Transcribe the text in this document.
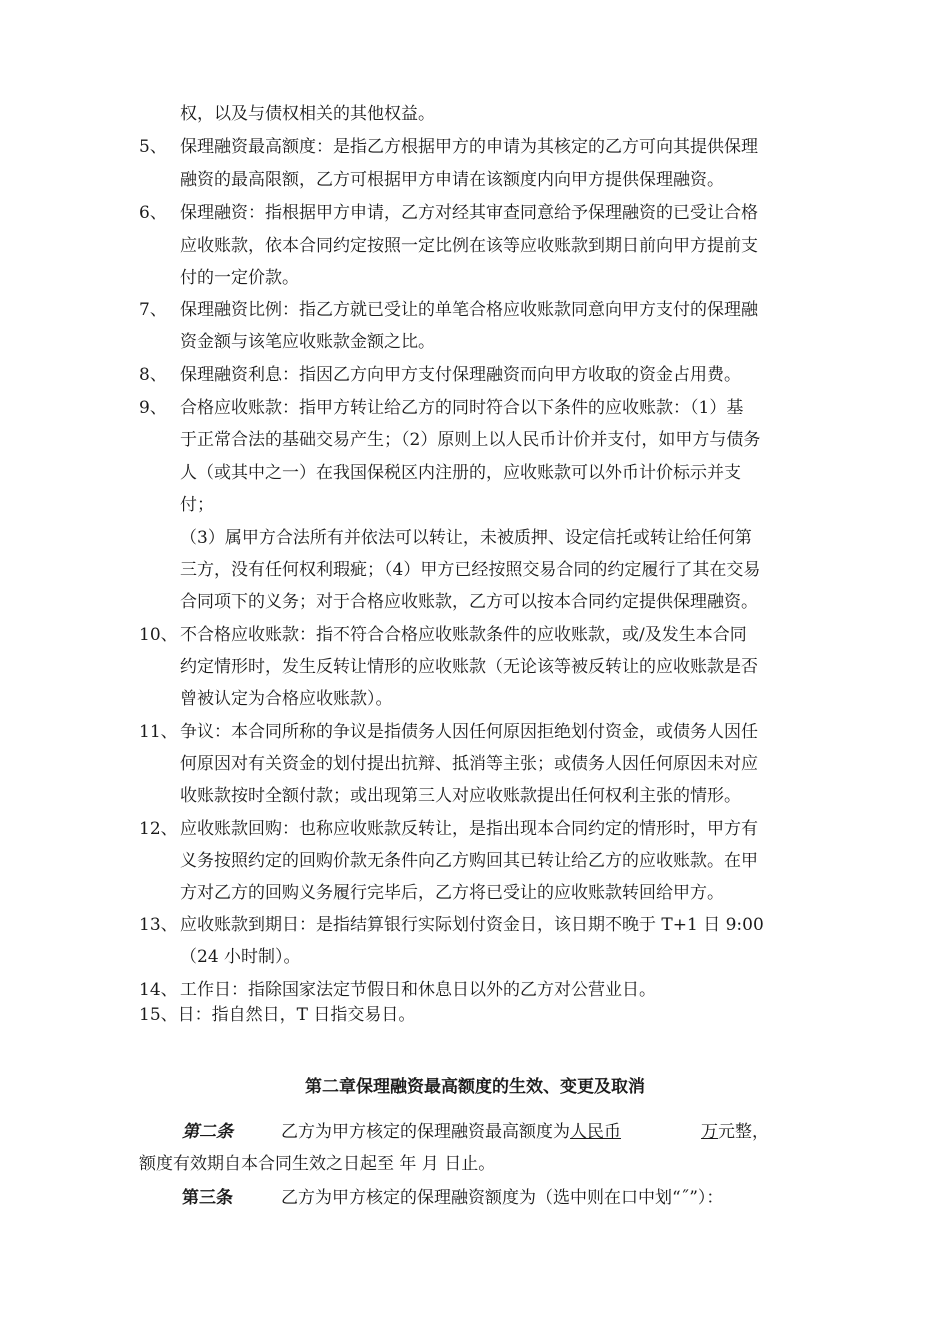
权，以及与债权相关的其他权益。
5、 保理融资最高额度：是指乙方根据甲方的申请为其核定的乙方可向其提供保理
融资的最高限额，乙方可根据甲方申请在该额度内向甲方提供保理融资。
6、 保理融资：指根据甲方申请，乙方对经其审查同意给予保理融资的已受让合格
应收账款，依本合同约定按照一定比例在该等应收账款到期日前向甲方提前支
付的一定价款。
7、 保理融资比例：指乙方就已受让的单笔合格应收账款同意向甲方支付的保理融
资金额与该笔应收账款金额之比。
8、 保理融资利息：指因乙方向甲方支付保理融资而向甲方收取的资金占用费。
9、 合格应收账款：指甲方转让给乙方的同时符合以下条件的应收账款：（1）基
于正常合法的基础交易产生；（2）原则上以人民币计价并支付，如甲方与债务
人（或其中之一）在我国保税区内注册的，应收账款可以外币计价标示并支
付；
（3）属甲方合法所有并依法可以转让，未被质押、设定信托或转让给任何第
三方，没有任何权利瑕疵；（4）甲方已经按照交易合同的约定履行了其在交易
合同项下的义务；对于合格应收账款，乙方可以按本合同约定提供保理融资。
10、 不合格应收账款：指不符合合格应收账款条件的应收账款，或/及发生本合同
约定情形时，发生反转让情形的应收账款（无论该等被反转让的应收账款是否
曾被认定为合格应收账款）。
11、 争议：本合同所称的争议是指债务人因任何原因拒绝划付资金，或债务人因任
何原因对有关资金的划付提出抗辩、抵消等主张；或债务人因任何原因未对应
收账款按时全额付款；或出现第三人对应收账款提出任何权利主张的情形。
12、 应收账款回购：也称应收账款反转让，是指出现本合同约定的情形时，甲方有
义务按照约定的回购价款无条件向乙方购回其已转让给乙方的应收账款。在甲
方对乙方的回购义务履行完毕后，乙方将已受让的应收账款转回给甲方。
13、 应收账款到期日：是指结算银行实际划付资金日，该日期不晚于 T+1 日 9:00
（24 小时制）。
14、 工作日：指除国家法定节假日和休息日以外的乙方对公营业日。
15、日：指自然日，T 日指交易日。
第二章保理融资最高额度的生效、变更及取消
第二条	乙方为甲方核定的保理融资最高额度为人民币	万元整，
额度有效期自本合同生效之日起至 年 月 日止。
第三条	乙方为甲方核定的保理融资额度为（选中则在口中划“˝”）：
